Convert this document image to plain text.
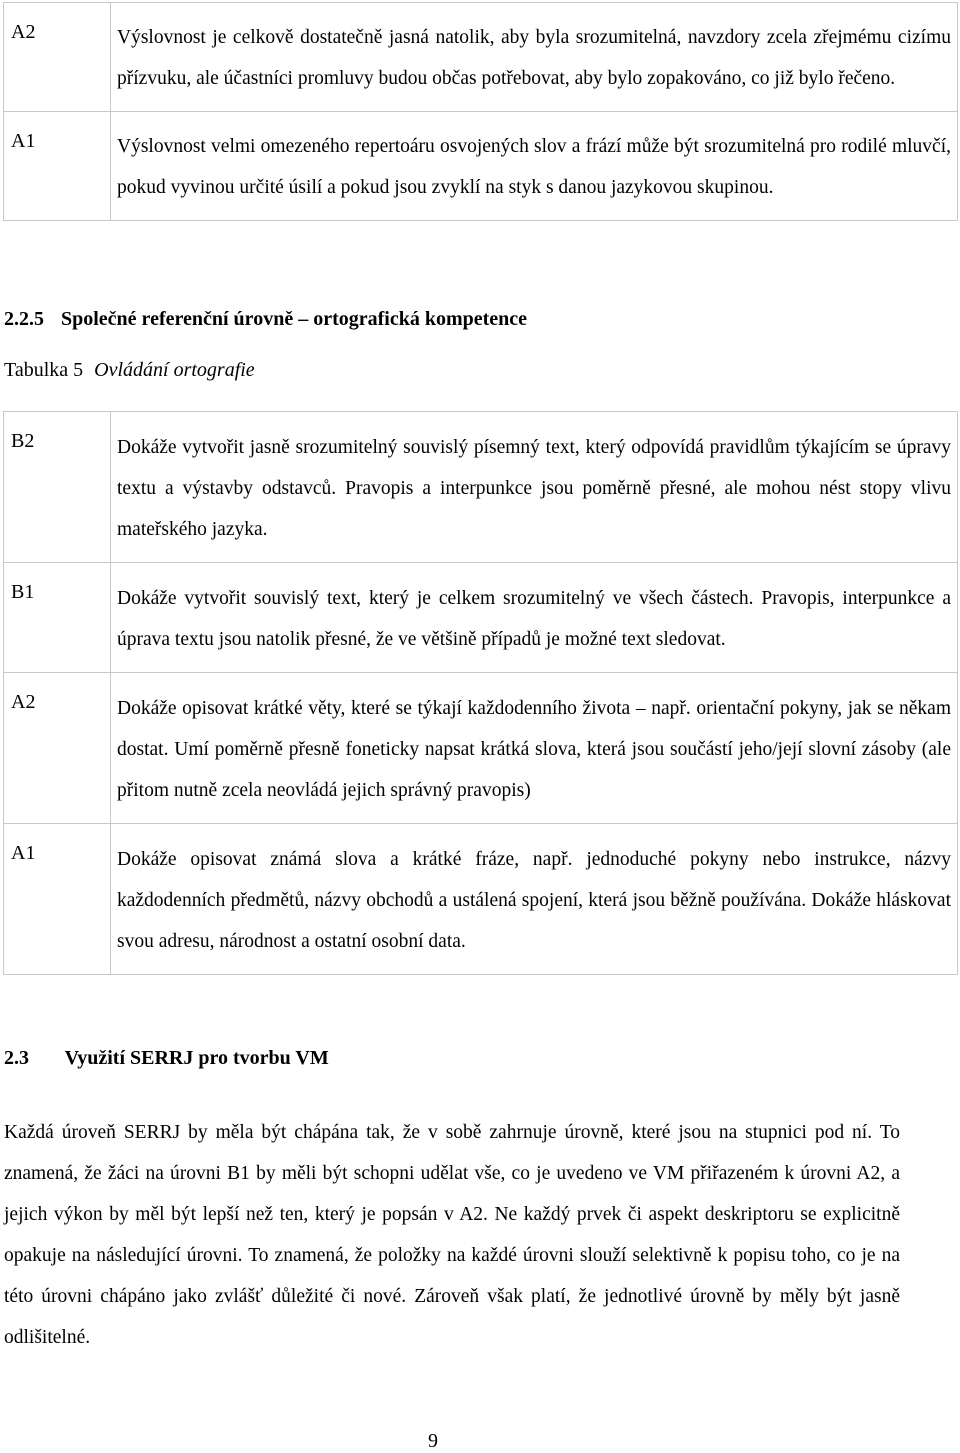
A2	Výslovnost je celkově dostatečně jasná natolik, aby byla srozumitelná, navzdory zcela zřejmému cizímu přízvuku, ale účastníci promluvy budou občas potřebovat, aby bylo zopakováno, co již bylo řečeno.
A1	Výslovnost velmi omezeného repertoáru osvojených slov a frází může být srozumitelná pro rodilé mluvčí, pokud vyvinou určité úsilí a pokud jsou zvyklí na styk s danou jazykovou skupinou.
2.2.5 Společné referenční úrovně – ortografická kompetence
Tabulka 5 Ovládání ortografie
B2	Dokáže vytvořit jasně srozumitelný souvislý písemný text, který odpovídá pravidlům týkajícím se úpravy textu a výstavby odstavců. Pravopis a interpunkce jsou poměrně přesné, ale mohou nést stopy vlivu mateřského jazyka.
B1	Dokáže vytvořit souvislý text, který je celkem srozumitelný ve všech částech. Pravopis, interpunkce a úprava textu jsou natolik přesné, že ve většině případů je možné text sledovat.
A2	Dokáže opisovat krátké věty, které se týkají každodenního života – např. orientační pokyny, jak se někam dostat. Umí poměrně přesně foneticky napsat krátká slova, která jsou součástí jeho/její slovní zásoby (ale přitom nutně zcela neovládá jejich správný pravopis)
A1	Dokáže opisovat známá slova a krátké fráze, např. jednoduché pokyny nebo instrukce, názvy každodenních předmětů, názvy obchodů a ustálená spojení, která jsou běžně používána. Dokáže hláskovat svou adresu, národnost a ostatní osobní data.
2.3 Využití SERRJ pro tvorbu VM

Každá úroveň SERRJ by měla být chápána tak, že v sobě zahrnuje úrovně, které jsou na stupnici pod ní. To znamená, že žáci na úrovni B1 by měli být schopni udělat vše, co je uvedeno ve VM přiřazeném k úrovni A2, a jejich výkon by měl být lepší než ten, který je popsán v A2. Ne každý prvek či aspekt deskriptoru se explicitně opakuje na následující úrovni. To znamená, že položky na každé úrovni slouží selektivně k popisu toho, co je na této úrovni chápáno jako zvlášť důležité či nové. Zároveň však platí, že jednotlivé úrovně by měly být jasně odlišitelné.

9
